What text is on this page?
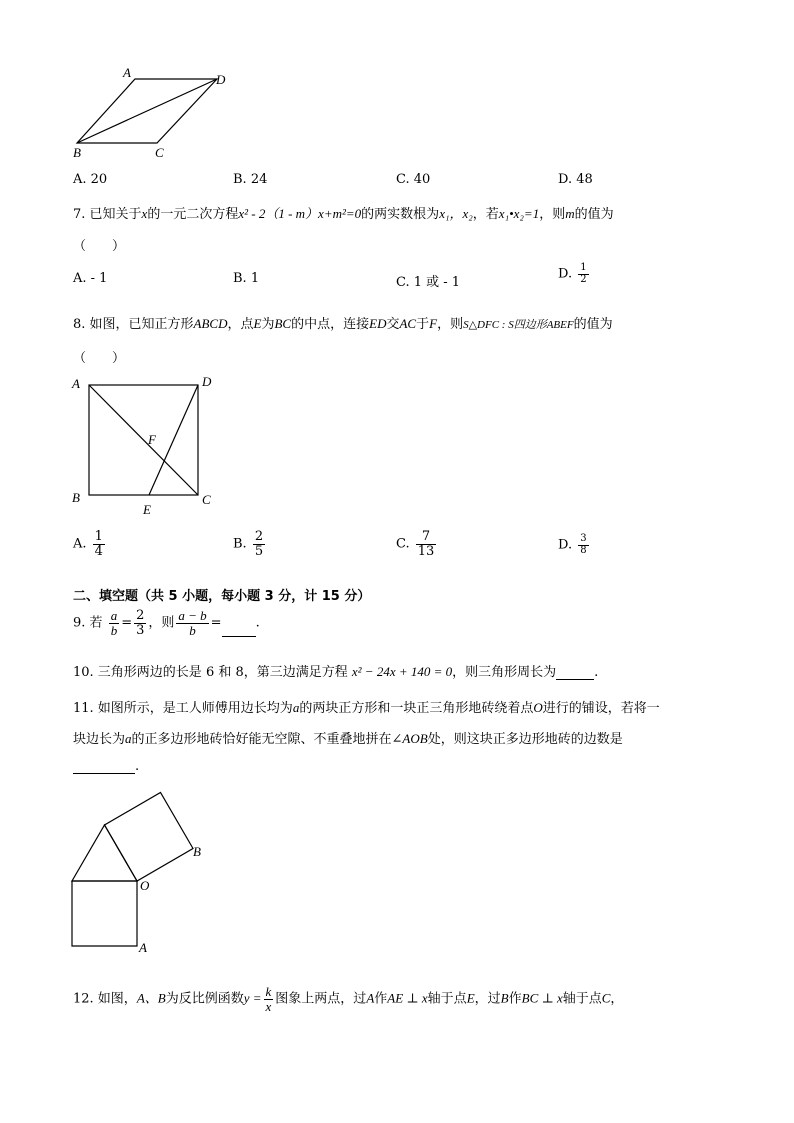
A	D
B	C
A. 20	B. 24	C. 40	D. 48
7. 已知关于x的一元二次方程x² - 2（1 - m）x+m²=0的两实数根为x₁，x₂，若x₁•x₂=1，则m的值为
（　　）
A. - 1	B. 1	C. 1 或 - 1
D. $\frac{1}{2}$
8. 如图，已知正方形ABCD，点E为BC的中点，连接ED交AC于F，则S△DFC : S四边形ABEF的值为
（　　）
A	D
F
B
E
C
A. $\frac{1}{4}$	B. $\frac{2}{5}$	C. $\frac{7}{13}$	D. $\frac{3}{8}$
二、填空题（共 5 小题，每小题 3 分，计 15 分）
9. 若 $\frac{a}{b} = \frac{2}{3}$ ，则 $\frac{a - b}{b}$ =	.
10. 三角形两边的长是 6 和 8，第三边满足方程 x² − 24x + 140 = 0，则三角形周长为	.
11. 如图所示，是工人师傅用边长均为a的两块正方形和一块正三角形地砖绕着点O进行的铺设，若将一
块边长为a的正多边形地砖恰好能无空隙、不重叠地拼在∠AOB处，则这块正多边形地砖的边数是
.
B
O
A
12. 如图，A、B为反比例函数$y = \frac{k}{x}$ 图象上两点，过A作AE ⊥ x轴于点E，过B作BC ⊥ x轴于点C，
